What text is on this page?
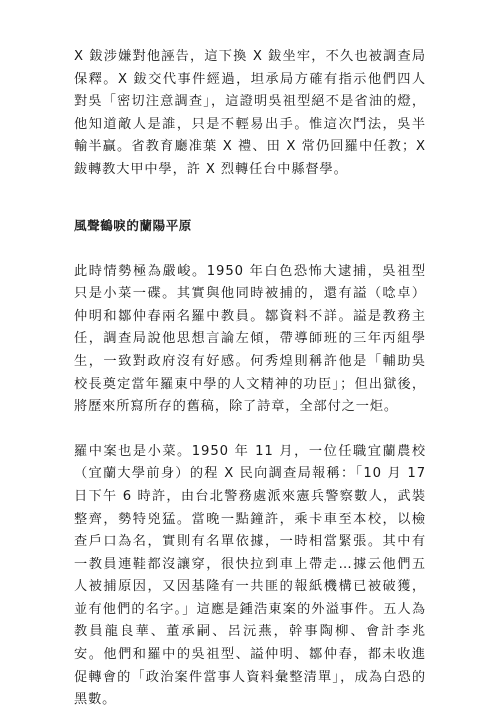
X 鈸涉嫌對他誣告，這下換 X 鈸坐牢，不久也被調查局保釋。X 鈸交代事件經過，坦承局方確有指示他們四人對吳「密切注意調查」，這證明吳祖型絕不是省油的燈，他知道敵人是誰，只是不輕易出手。惟這次鬥法，吳半輸半贏。省教育廳准葉 X 禮、田 X 常仍回羅中任教；X 鈸轉教大甲中學，許 X 烈轉任台中縣督學。

風聲鶴唳的蘭陽平原

此時情勢極為嚴峻。1950 年白色恐怖大逮捕，吳祖型只是小菜一碟。其實與他同時被捕的，還有謚（唸卓）仲明和鄒仲春兩名羅中教員。鄒資料不詳。謚是教務主任，調查局說他思想言論左傾，帶導師班的三年丙組學生，一致對政府沒有好感。何秀煌則稱許他是「輔助吳校長奠定當年羅東中學的人文精神的功臣」；但出獄後，將歷來所寫所存的舊稿，除了詩章，全部付之一炬。

羅中案也是小菜。1950 年 11 月，一位任職宜蘭農校（宜蘭大學前身）的程 X 民向調查局報稱：「10 月 17 日下午 6 時許，由台北警務處派來憲兵警察數人，武裝整齊，勢特兇猛。當晚一點鐘許，乘卡車至本校，以檢查戶口為名，實則有名單依據，一時相當緊張。其中有一教員連鞋都沒讓穿，很快拉到車上帶走…據云他們五人被捕原因，又因基隆有一共匪的報紙機構已被破獲，並有他們的名字。」這應是鍾浩東案的外溢事件。五人為教員龍良華、董承嗣、呂沅燕，幹事陶柳、會計李兆安。他們和羅中的吳祖型、謚仲明、鄒仲春，都未收進促轉會的「政治案件當事人資料彙整清單」，成為白恐的黑數。
